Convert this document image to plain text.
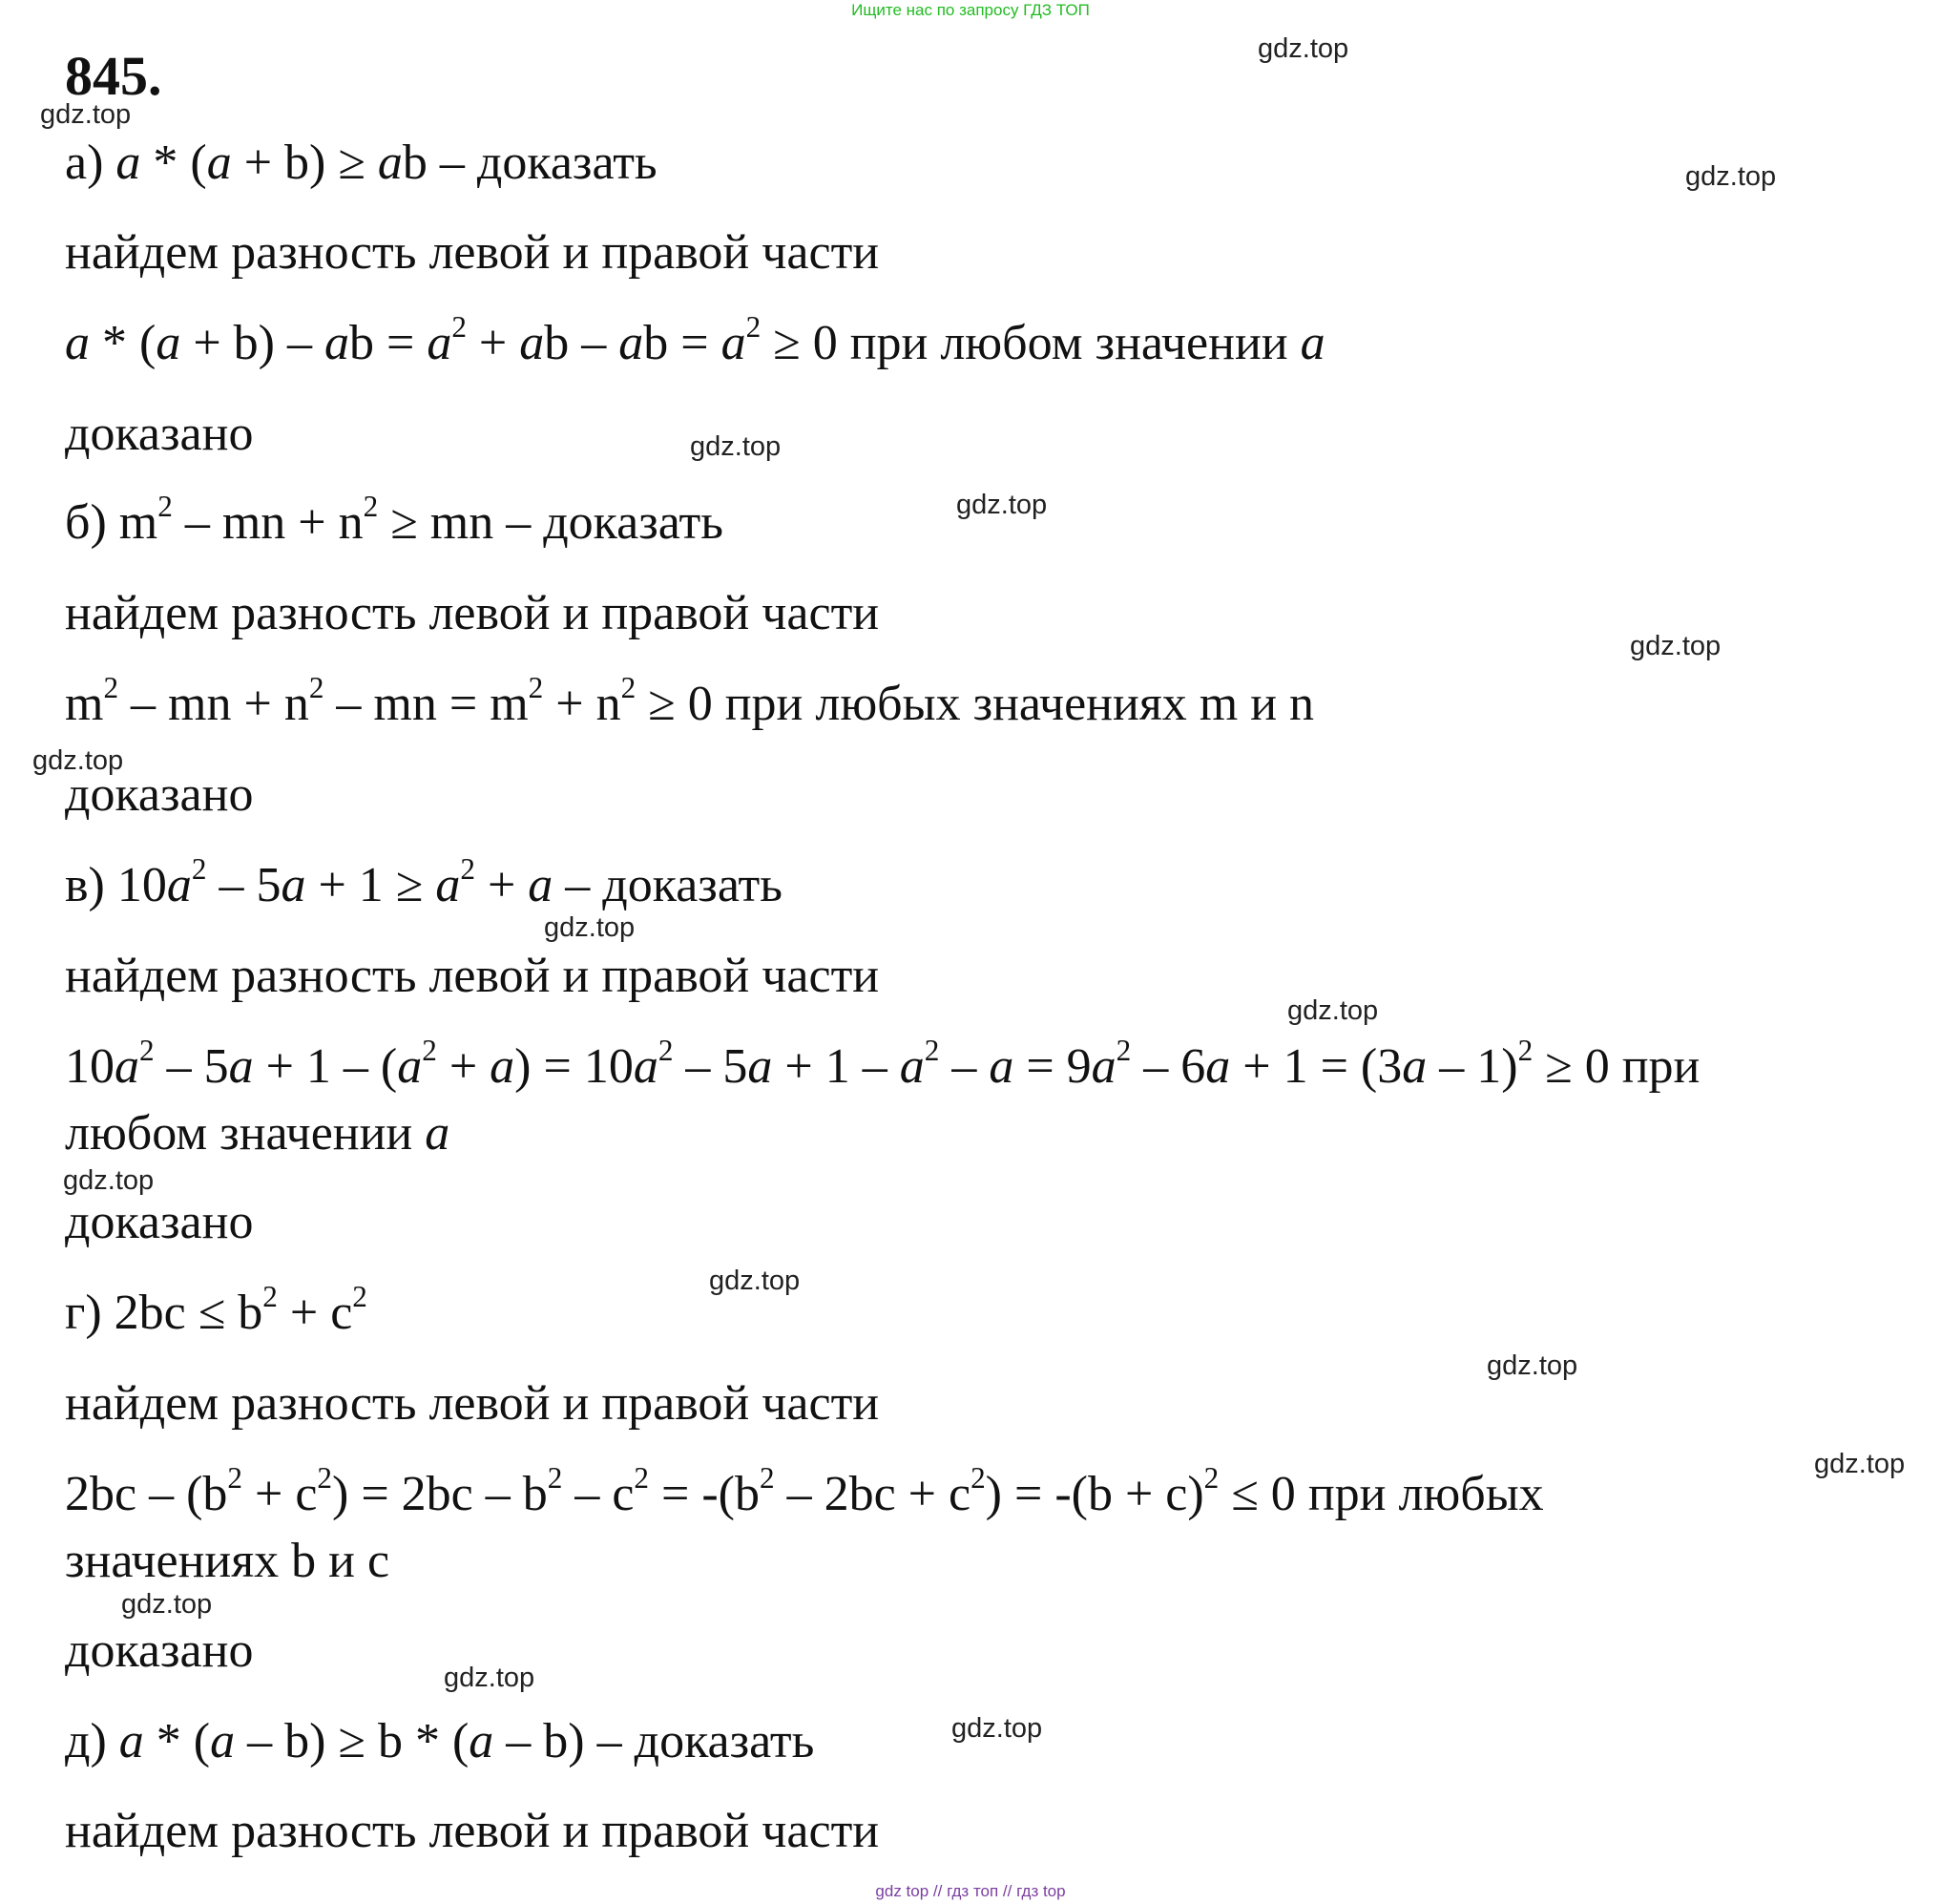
Ищите нас по запросу ГДЗ ТОП
845.
а) a * (a + b) ≥ ab – доказать
найдем разность левой и правой части
a * (a + b) – ab = $a^2$ + ab – ab = $a^2 \ge 0$ при любом значении a
доказано
б) $m^2$ – mn + $n^2$ ≥ mn – доказать
найдем разность левой и правой части
$m^2$ – mn + $n^2$ – mn = $m^2 + n^2 \ge 0$ при любых значениях m и n
доказано
в) $10a^2 - 5a + 1 \ge a^2 + a$ – доказать
найдем разность левой и правой части
$10a^2 - 5a + 1 - (a^2 + a) = 10a^2 - 5a + 1 - a^2 - a = 9a^2 - 6a + 1 = (3a - 1)^2 \ge 0$ при
любом значении a
доказано
г) $2bc \le b^2 + c^2$
найдем разность левой и правой части
$2bc - (b^2 + c^2) = 2bc - b^2 - c^2 = -(b^2 - 2bc + c^2) = -(b + c)^2 \le 0$ при любых
значениях b и c
доказано
д) a * (a – b) ≥ b * (a – b) – доказать
найдем разность левой и правой части
gdz.top
gdz.top
gdz.top
gdz.top
gdz.top
gdz.top
gdz.top
gdz.top
gdz.top
gdz.top
gdz.top
gdz.top
gdz.top
gdz.top
gdz.top
gdz.top
gdz top // гдз топ // гдз top
